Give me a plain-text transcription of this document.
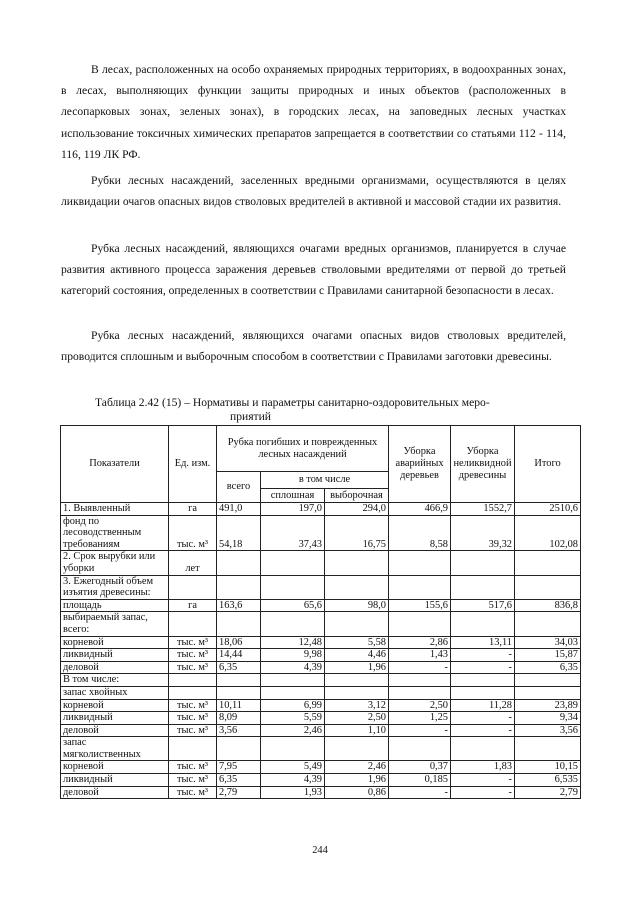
В лесах, расположенных на особо охраняемых природных территориях, в водоохранных зонах, в лесах, выполняющих функции защиты природных и иных объектов (расположенных в лесопарковых зонах, зеленых зонах), в городских лесах, на заповедных лесных участках использование токсичных химических препаратов запрещается в соответствии со статьями 112 - 114, 116, 119 ЛК РФ.

Рубки лесных насаждений, заселенных вредными организмами, осуществляются в целях ликвидации очагов опасных видов стволовых вредителей в активной и массовой стадии их развития.

Рубка лесных насаждений, являющихся очагами вредных организмов, планируется в случае развития активного процесса заражения деревьев стволовыми вредителями от первой до третьей категорий состояния, определенных в соответствии с Правилами санитарной безопасности в лесах.

Рубка лесных насаждений, являющихся очагами опасных видов стволовых вредителей, проводится сплошным и выборочным способом в соответствии с Правилами заготовки древесины.

Таблица 2.42 (15) – Нормативы и параметры санитарно-оздоровительных меро-
приятий
Показатели	Ед. изм.	Рубка погибших и поврежденных лесных насаждений			Уборка аварийных деревьев	Уборка неликвидной древесины	Итого
		всего	в том числе				
			сплошная	выборочная			
1. Выявленный	га	491,0	197,0	294,0	466,9	1552,7	2510,6
фонд по лесоводственным требованиям	тыс. м³	54,18	37,43	16,75	8,58	39,32	102,08
2. Срок вырубки или уборки	лет						
3. Ежегодный объем изъятия древесины:							
площадь	га	163,6	65,6	98,0	155,6	517,6	836,8
выбираемый запас, всего:							
корневой	тыс. м³	18,06	12,48	5,58	2,86	13,11	34,03
ликвидный	тыс. м³	14,44	9,98	4,46	1,43	-	15,87
деловой	тыс. м³	6,35	4,39	1,96	-	-	6,35
В том числе:							
запас хвойных							
корневой	тыс. м³	10,11	6,99	3,12	2,50	11,28	23,89
ликвидный	тыс. м³	8,09	5,59	2,50	1,25	-	9,34
деловой	тыс. м³	3,56	2,46	1,10	-	-	3,56
запас мягколиственных							
корневой	тыс. м³	7,95	5,49	2,46	0,37	1,83	10,15
ликвидный	тыс. м³	6,35	4,39	1,96	0,185	-	6,535
деловой	тыс. м³	2,79	1,93	0,86	-	-	2,79
244
